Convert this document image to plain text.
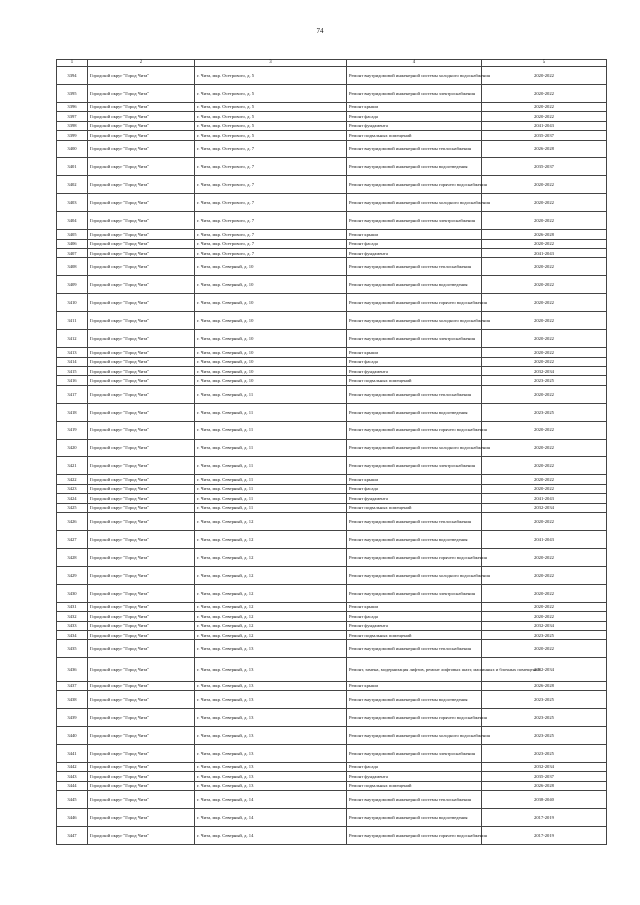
74
1	2	3	4	5
3394	Городской округ "Город Чита"	г. Чита, мкр. Осетрового, д. 5	Ремонт внутридомовой инженерной системы холодного водоснабжения	2020-2022
3395	Городской округ "Город Чита"	г. Чита, мкр. Осетрового, д. 5	Ремонт внутридомовой инженерной системы электроснабжения	2020-2022
3396	Городской округ "Город Чита"	г. Чита, мкр. Осетрового, д. 5	Ремонт крыши	2020-2022
3397	Городской округ "Город Чита"	г. Чита, мкр. Осетрового, д. 5	Ремонт фасада	2020-2022
3398	Городской округ "Город Чита"	г. Чита, мкр. Осетрового, д. 5	Ремонт фундамента	2041-2043
3399	Городской округ "Город Чита"	г. Чита, мкр. Осетрового, д. 5	Ремонт подвальных помещений	2035-2037
3400	Городской округ "Город Чита"	г. Чита, мкр. Осетрового, д. 7	Ремонт внутридомовой инженерной системы теплоснабжения	2026-2028
3401	Городской округ "Город Чита"	г. Чита, мкр. Осетрового, д. 7	Ремонт внутридомовой инженерной системы водоотведения	2035-2037
3402	Городской округ "Город Чита"	г. Чита, мкр. Осетрового, д. 7	Ремонт внутридомовой инженерной системы горячего водоснабжения	2020-2022
3403	Городской округ "Город Чита"	г. Чита, мкр. Осетрового, д. 7	Ремонт внутридомовой инженерной системы холодного водоснабжения	2020-2022
3404	Городской округ "Город Чита"	г. Чита, мкр. Осетрового, д. 7	Ремонт внутридомовой инженерной системы электроснабжения	2020-2022
3405	Городской округ "Город Чита"	г. Чита, мкр. Осетрового, д. 7	Ремонт крыши	2026-2028
3406	Городской округ "Город Чита"	г. Чита, мкр. Осетрового, д. 7	Ремонт фасада	2020-2022
3407	Городской округ "Город Чита"	г. Чита, мкр. Осетрового, д. 7	Ремонт фундамента	2041-2043
3408	Городской округ "Город Чита"	г. Чита, мкр. Северный, д. 10	Ремонт внутридомовой инженерной системы теплоснабжения	2020-2022
3409	Городской округ "Город Чита"	г. Чита, мкр. Северный, д. 10	Ремонт внутридомовой инженерной системы водоотведения	2020-2022
3410	Городской округ "Город Чита"	г. Чита, мкр. Северный, д. 10	Ремонт внутридомовой инженерной системы горячего водоснабжения	2020-2022
3411	Городской округ "Город Чита"	г. Чита, мкр. Северный, д. 10	Ремонт внутридомовой инженерной системы холодного водоснабжения	2020-2022
3412	Городской округ "Город Чита"	г. Чита, мкр. Северный, д. 10	Ремонт внутридомовой инженерной системы электроснабжения	2020-2022
3413	Городской округ "Город Чита"	г. Чита, мкр. Северный, д. 10	Ремонт крыши	2020-2022
3414	Городской округ "Город Чита"	г. Чита, мкр. Северный, д. 10	Ремонт фасада	2020-2022
3415	Городской округ "Город Чита"	г. Чита, мкр. Северный, д. 10	Ремонт фундамента	2032-2034
3416	Городской округ "Город Чита"	г. Чита, мкр. Северный, д. 10	Ремонт подвальных помещений	2023-2025
3417	Городской округ "Город Чита"	г. Чита, мкр. Северный, д. 11	Ремонт внутридомовой инженерной системы теплоснабжения	2020-2022
3418	Городской округ "Город Чита"	г. Чита, мкр. Северный, д. 11	Ремонт внутридомовой инженерной системы водоотведения	2023-2025
3419	Городской округ "Город Чита"	г. Чита, мкр. Северный, д. 11	Ремонт внутридомовой инженерной системы горячего водоснабжения	2020-2022
3420	Городской округ "Город Чита"	г. Чита, мкр. Северный, д. 11	Ремонт внутридомовой инженерной системы холодного водоснабжения	2020-2022
3421	Городской округ "Город Чита"	г. Чита, мкр. Северный, д. 11	Ремонт внутридомовой инженерной системы электроснабжения	2020-2022
3422	Городской округ "Город Чита"	г. Чита, мкр. Северный, д. 11	Ремонт крыши	2020-2022
3423	Городской округ "Город Чита"	г. Чита, мкр. Северный, д. 11	Ремонт фасада	2020-2022
3424	Городской округ "Город Чита"	г. Чита, мкр. Северный, д. 11	Ремонт фундамента	2041-2043
3425	Городской округ "Город Чита"	г. Чита, мкр. Северный, д. 11	Ремонт подвальных помещений	2032-2034
3426	Городской округ "Город Чита"	г. Чита, мкр. Северный, д. 12	Ремонт внутридомовой инженерной системы теплоснабжения	2020-2022
3427	Городской округ "Город Чита"	г. Чита, мкр. Северный, д. 12	Ремонт внутридомовой инженерной системы водоотведения	2041-2043
3428	Городской округ "Город Чита"	г. Чита, мкр. Северный, д. 12	Ремонт внутридомовой инженерной системы горячего водоснабжения	2020-2022
3429	Городской округ "Город Чита"	г. Чита, мкр. Северный, д. 12	Ремонт внутридомовой инженерной системы холодного водоснабжения	2020-2022
3430	Городской округ "Город Чита"	г. Чита, мкр. Северный, д. 12	Ремонт внутридомовой инженерной системы электроснабжения	2020-2022
3431	Городской округ "Город Чита"	г. Чита, мкр. Северный, д. 12	Ремонт крыши	2020-2022
3432	Городской округ "Город Чита"	г. Чита, мкр. Северный, д. 12	Ремонт фасада	2020-2022
3433	Городской округ "Город Чита"	г. Чита, мкр. Северный, д. 12	Ремонт фундамента	2032-2034
3434	Городской округ "Город Чита"	г. Чита, мкр. Северный, д. 12	Ремонт подвальных помещений	2023-2025
3435	Городской округ "Город Чита"	г. Чита, мкр. Северный, д. 13	Ремонт внутридомовой инженерной системы теплоснабжения	2020-2022
3436	Городской округ "Город Чита"	г. Чита, мкр. Северный, д. 13	Ремонт, замена, модернизация лифтов, ремонт лифтовых шахт, машинных и блочных помещений	2032-2034
3437	Городской округ "Город Чита"	г. Чита, мкр. Северный, д. 13	Ремонт крыши	2026-2028
3438	Городской округ "Город Чита"	г. Чита, мкр. Северный, д. 13	Ремонт внутридомовой инженерной системы водоотведения	2023-2025
3439	Городской округ "Город Чита"	г. Чита, мкр. Северный, д. 13	Ремонт внутридомовой инженерной системы горячего водоснабжения	2023-2025
3440	Городской округ "Город Чита"	г. Чита, мкр. Северный, д. 13	Ремонт внутридомовой инженерной системы холодного водоснабжения	2023-2025
3441	Городской округ "Город Чита"	г. Чита, мкр. Северный, д. 13	Ремонт внутридомовой инженерной системы электроснабжения	2023-2025
3442	Городской округ "Город Чита"	г. Чита, мкр. Северный, д. 13	Ремонт фасада	2032-2034
3443	Городской округ "Город Чита"	г. Чита, мкр. Северный, д. 13	Ремонт фундамента	2035-2037
3444	Городской округ "Город Чита"	г. Чита, мкр. Северный, д. 13	Ремонт подвальных помещений	2026-2028
3445	Городской округ "Город Чита"	г. Чита, мкр. Северный, д. 14	Ремонт внутридомовой инженерной системы теплоснабжения	2038-2040
3446	Городской округ "Город Чита"	г. Чита, мкр. Северный, д. 14	Ремонт внутридомовой инженерной системы водоотведения	2017-2019
3447	Городской округ "Город Чита"	г. Чита, мкр. Северный, д. 14	Ремонт внутридомовой инженерной системы горячего водоснабжения	2017-2019
